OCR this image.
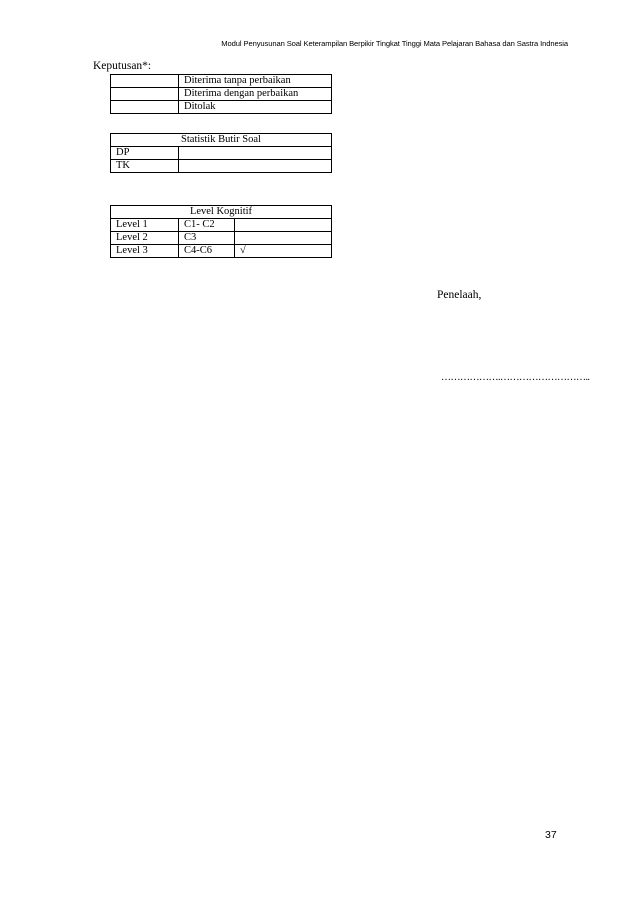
Modul Penyusunan Soal Keterampilan Berpikir Tingkat Tinggi Mata Pelajaran Bahasa dan Sastra Indnesia
Keputusan*:
	Diterima tanpa perbaikan
	Diterima dengan perbaikan
	Ditolak
Statistik Butir Soal	
DP	
TK	
Level Kognitif		
Level 1	C1- C2	
Level 2	C3	
Level 3	C4-C6	√
Penelaah,
……………….………………………..
37
